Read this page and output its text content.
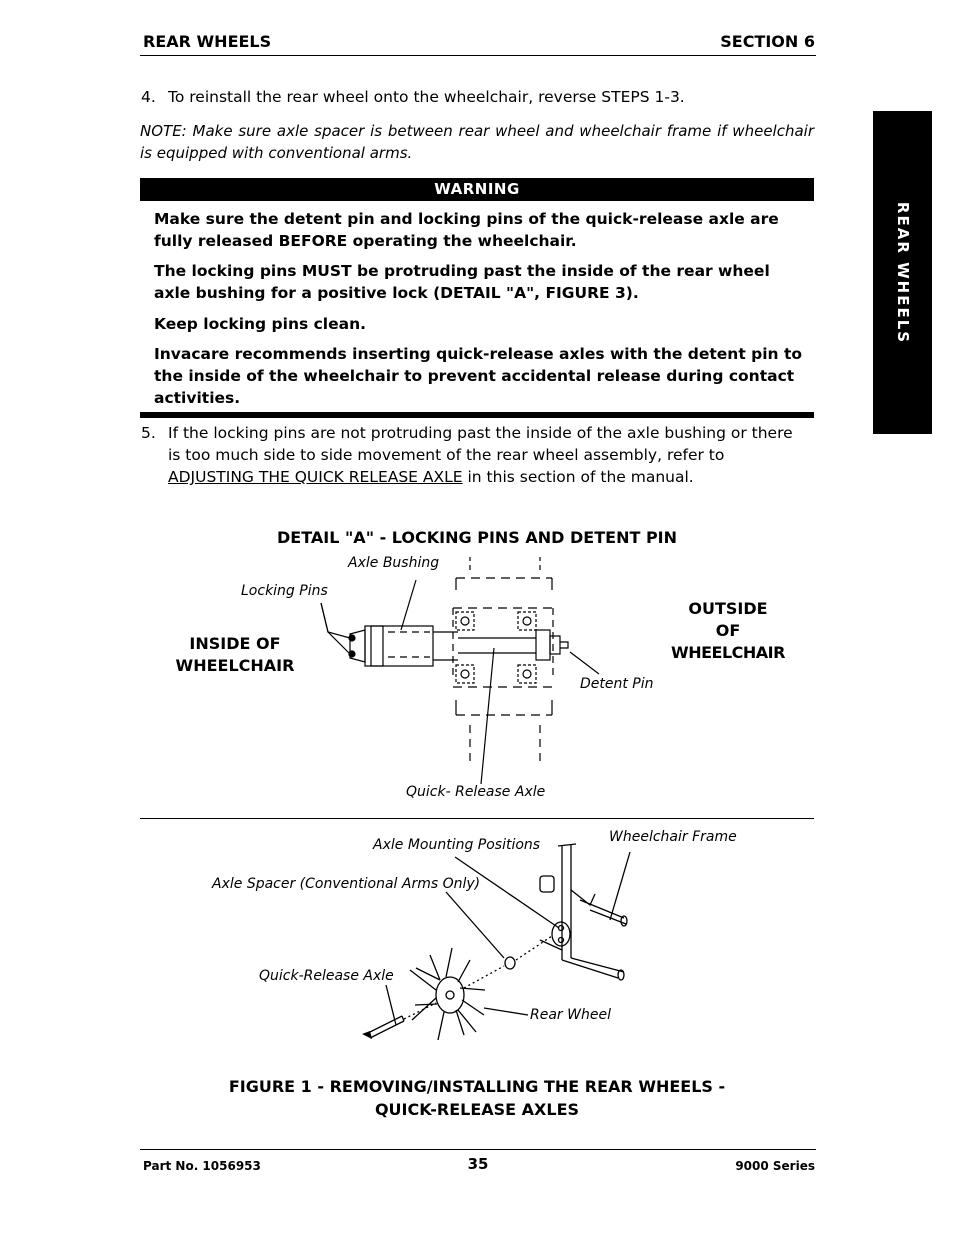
REAR WHEELS	SECTION 6
REAR WHEELS
4. To reinstall the rear wheel onto the wheelchair, reverse STEPS 1-3.
NOTE: Make sure axle spacer is between rear wheel and wheelchair frame if wheelchair is equipped with conventional arms.
WARNING
Make sure the detent pin and locking pins of the quick-release axle are fully released BEFORE operating the wheelchair.
The locking pins MUST be protruding past the inside of the rear wheel axle bushing for a positive lock (DETAIL "A", FIGURE 3).
Keep locking pins clean.
Invacare recommends inserting quick-release axles with the detent pin to the inside of the wheelchair to prevent accidental release during contact activities.
5. If the locking pins are not protruding past the inside of the axle bushing or there is too much side to side movement of the rear wheel assembly, refer to ADJUSTING THE QUICK RELEASE AXLE in this section of the manual.
DETAIL "A" - LOCKING PINS AND DETENT PIN
Axle Bushing
Locking Pins
INSIDE OF
WHEELCHAIR
OUTSIDE
OF
WHEELCHAIR
Detent Pin
Quick- Release Axle
Axle Mounting Positions	Wheelchair Frame
Axle Spacer (Conventional Arms Only)
Quick-Release Axle
Rear Wheel
FIGURE 1 - REMOVING/INSTALLING THE REAR WHEELS -
QUICK-RELEASE AXLES
Part No. 1056953	35	9000 Series
